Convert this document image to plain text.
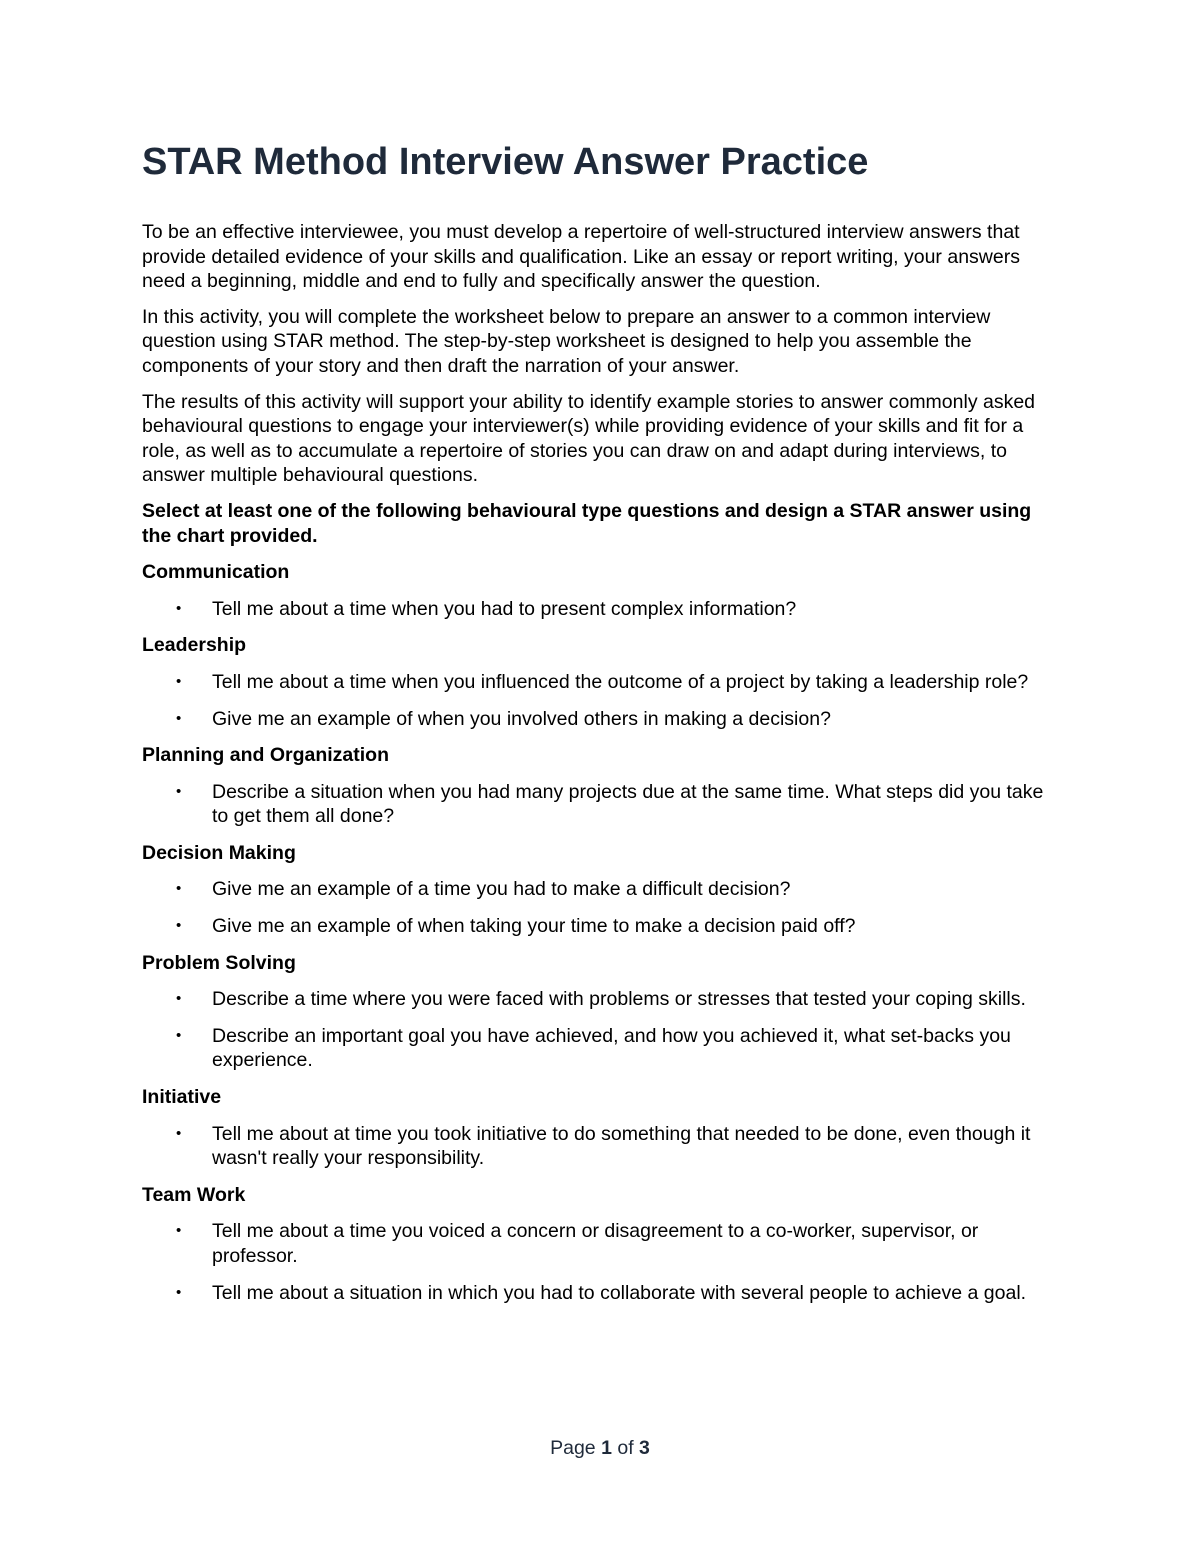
STAR Method Interview Answer Practice

To be an effective interviewee, you must develop a repertoire of well-structured interview answers that provide detailed evidence of your skills and qualification. Like an essay or report writing, your answers need a beginning, middle and end to fully and specifically answer the question.

In this activity, you will complete the worksheet below to prepare an answer to a common interview question using STAR method. The step-by-step worksheet is designed to help you assemble the components of your story and then draft the narration of your answer.

The results of this activity will support your ability to identify example stories to answer commonly asked behavioural questions to engage your interviewer(s) while providing evidence of your skills and fit for a role, as well as to accumulate a repertoire of stories you can draw on and adapt during interviews, to answer multiple behavioural questions.

Select at least one of the following behavioural type questions and design a STAR answer using the chart provided.

Communication
• Tell me about a time when you had to present complex information?
Leadership
• Tell me about a time when you influenced the outcome of a project by taking a leadership role?
• Give me an example of when you involved others in making a decision?
Planning and Organization
• Describe a situation when you had many projects due at the same time. What steps did you take to get them all done?
Decision Making
• Give me an example of a time you had to make a difficult decision?
• Give me an example of when taking your time to make a decision paid off?
Problem Solving
• Describe a time where you were faced with problems or stresses that tested your coping skills.
• Describe an important goal you have achieved, and how you achieved it, what set-backs you experience.
Initiative
• Tell me about at time you took initiative to do something that needed to be done, even though it wasn't really your responsibility.
Team Work
• Tell me about a time you voiced a concern or disagreement to a co-worker, supervisor, or professor.
• Tell me about a situation in which you had to collaborate with several people to achieve a goal.
Page 1 of 3
